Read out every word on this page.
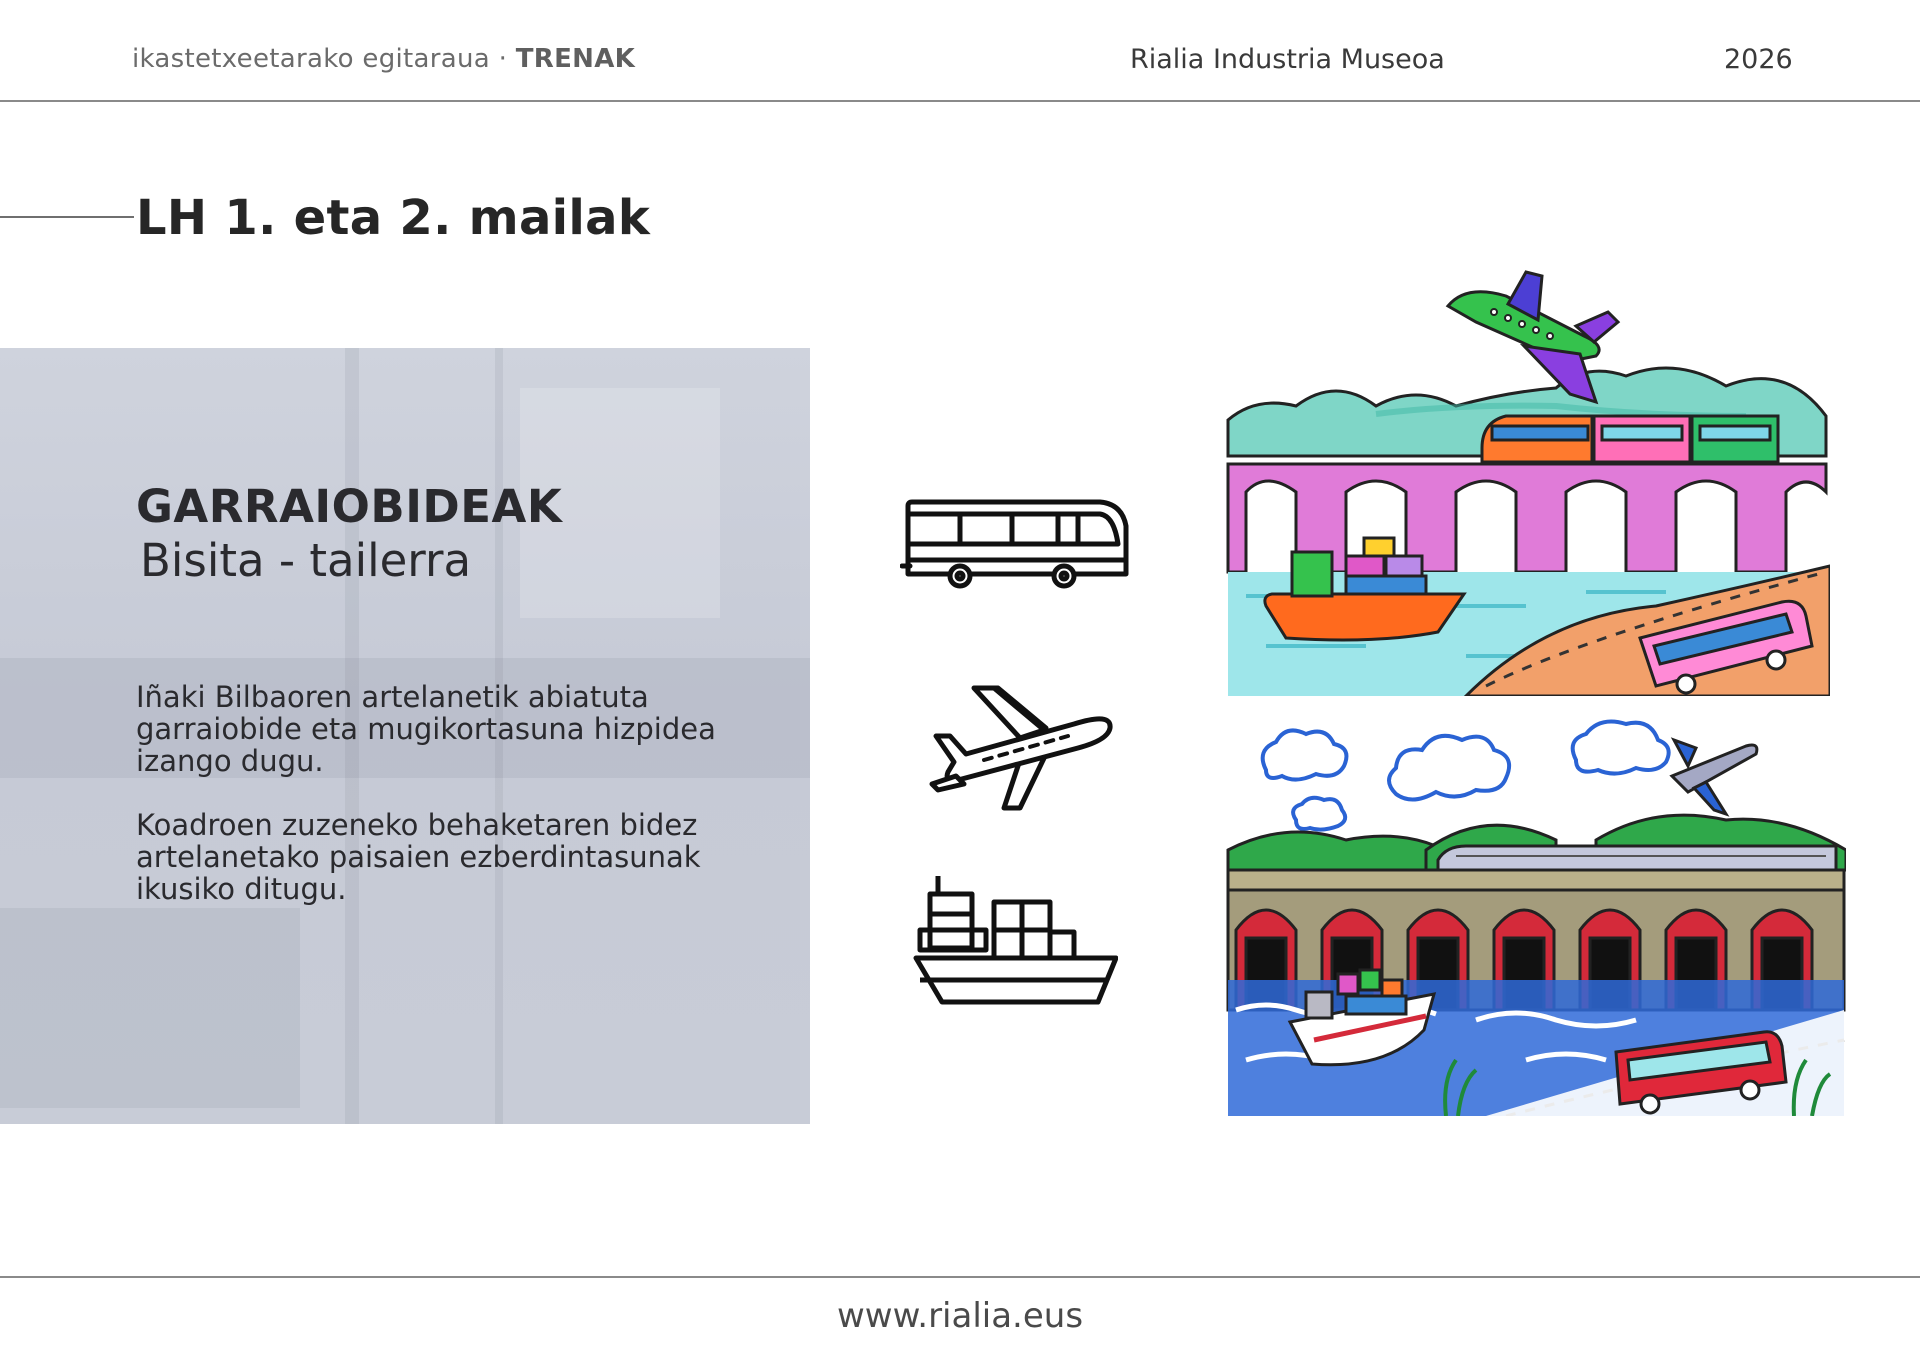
ikastetxeetarako egitaraua · TRENAK	Rialia Industria Museoa	2026
LH 1. eta 2. mailak
GARRAIOBIDEAK
Bisita - tailerra

Iñaki Bilbaoren artelanetik abiatuta garraiobide eta mugikortasuna hizpidea izango dugu.

Koadroen zuzeneko behaketaren bidez artelanetako paisaien ezberdintasunak ikusiko ditugu.

www.rialia.eus
